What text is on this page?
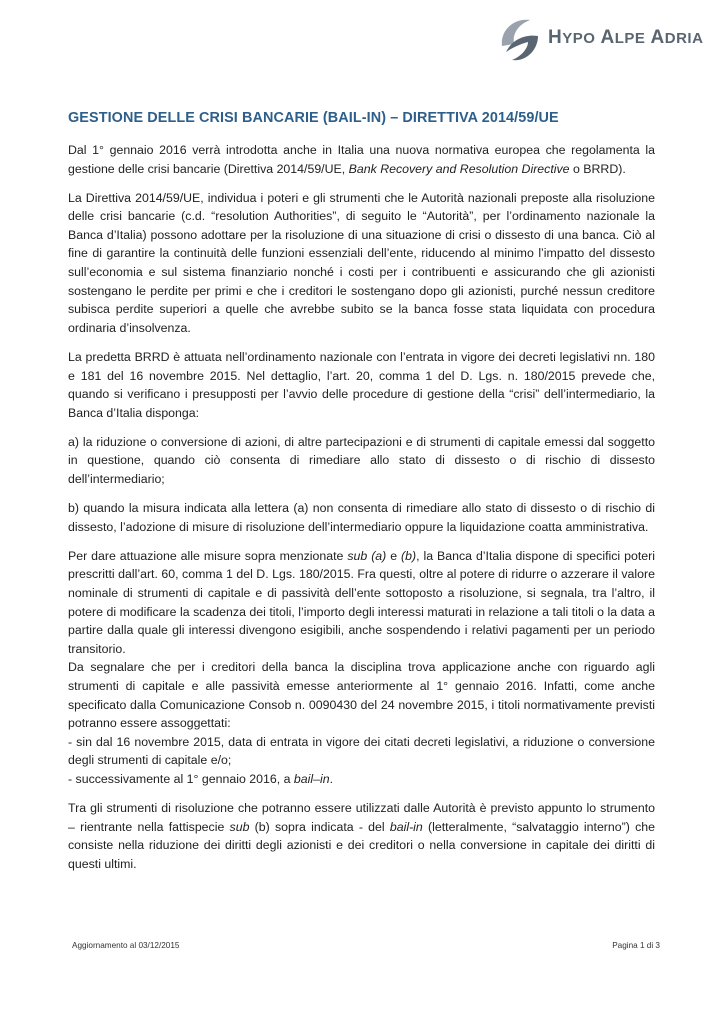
HYPO ALPE ADRIA
GESTIONE DELLE CRISI BANCARIE (BAIL-IN) – DIRETTIVA 2014/59/UE

Dal 1° gennaio 2016 verrà introdotta anche in Italia una nuova normativa europea che regolamenta la gestione delle crisi bancarie (Direttiva 2014/59/UE, Bank Recovery and Resolution Directive o BRRD).

La Direttiva 2014/59/UE, individua i poteri e gli strumenti che le Autorità nazionali preposte alla risoluzione delle crisi bancarie (c.d. “resolution Authorities”, di seguito le “Autorità”, per l’ordinamento nazionale la Banca d’Italia) possono adottare per la risoluzione di una situazione di crisi o dissesto di una banca. Ciò al fine di garantire la continuità delle funzioni essenziali dell’ente, riducendo al minimo l’impatto del dissesto sull’economia e sul sistema finanziario nonché i costi per i contribuenti e assicurando che gli azionisti sostengano le perdite per primi e che i creditori le sostengano dopo gli azionisti, purché nessun creditore subisca perdite superiori a quelle che avrebbe subito se la banca fosse stata liquidata con procedura ordinaria d’insolvenza.

La predetta BRRD è attuata nell’ordinamento nazionale con l’entrata in vigore dei decreti legislativi nn. 180 e 181 del 16 novembre 2015. Nel dettaglio, l’art. 20, comma 1 del D. Lgs. n. 180/2015 prevede che, quando si verificano i presupposti per l’avvio delle procedure di gestione della “crisi” dell’intermediario, la Banca d’Italia disponga:

a) la riduzione o conversione di azioni, di altre partecipazioni e di strumenti di capitale emessi dal soggetto in questione, quando ciò consenta di rimediare allo stato di dissesto o di rischio di dissesto dell’intermediario;

b) quando la misura indicata alla lettera (a) non consenta di rimediare allo stato di dissesto o di rischio di dissesto, l’adozione di misure di risoluzione dell’intermediario oppure la liquidazione coatta amministrativa.

Per dare attuazione alle misure sopra menzionate sub (a) e (b), la Banca d’Italia dispone di specifici poteri prescritti dall’art. 60, comma 1 del D. Lgs. 180/2015. Fra questi, oltre al potere di ridurre o azzerare il valore nominale di strumenti di capitale e di passività dell’ente sottoposto a risoluzione, si segnala, tra l’altro, il potere di modificare la scadenza dei titoli, l’importo degli interessi maturati in relazione a tali titoli o la data a partire dalla quale gli interessi divengono esigibili, anche sospendendo i relativi pagamenti per un periodo transitorio.

Da segnalare che per i creditori della banca la disciplina trova applicazione anche con riguardo agli strumenti di capitale e alle passività emesse anteriormente al 1° gennaio 2016. Infatti, come anche specificato dalla Comunicazione Consob n. 0090430 del 24 novembre 2015, i titoli normativamente previsti potranno essere assoggettati:

- sin dal 16 novembre 2015, data di entrata in vigore dei citati decreti legislativi, a riduzione o conversione degli strumenti di capitale e/o;

- successivamente al 1° gennaio 2016, a bail–in.

Tra gli strumenti di risoluzione che potranno essere utilizzati dalle Autorità è previsto appunto lo strumento – rientrante nella fattispecie sub (b) sopra indicata - del bail-in (letteralmente, “salvataggio interno”) che consiste nella riduzione dei diritti degli azionisti e dei creditori o nella conversione in capitale dei diritti di questi ultimi.

Aggiornamento al 03/12/2015	Pagina 1 di 3
